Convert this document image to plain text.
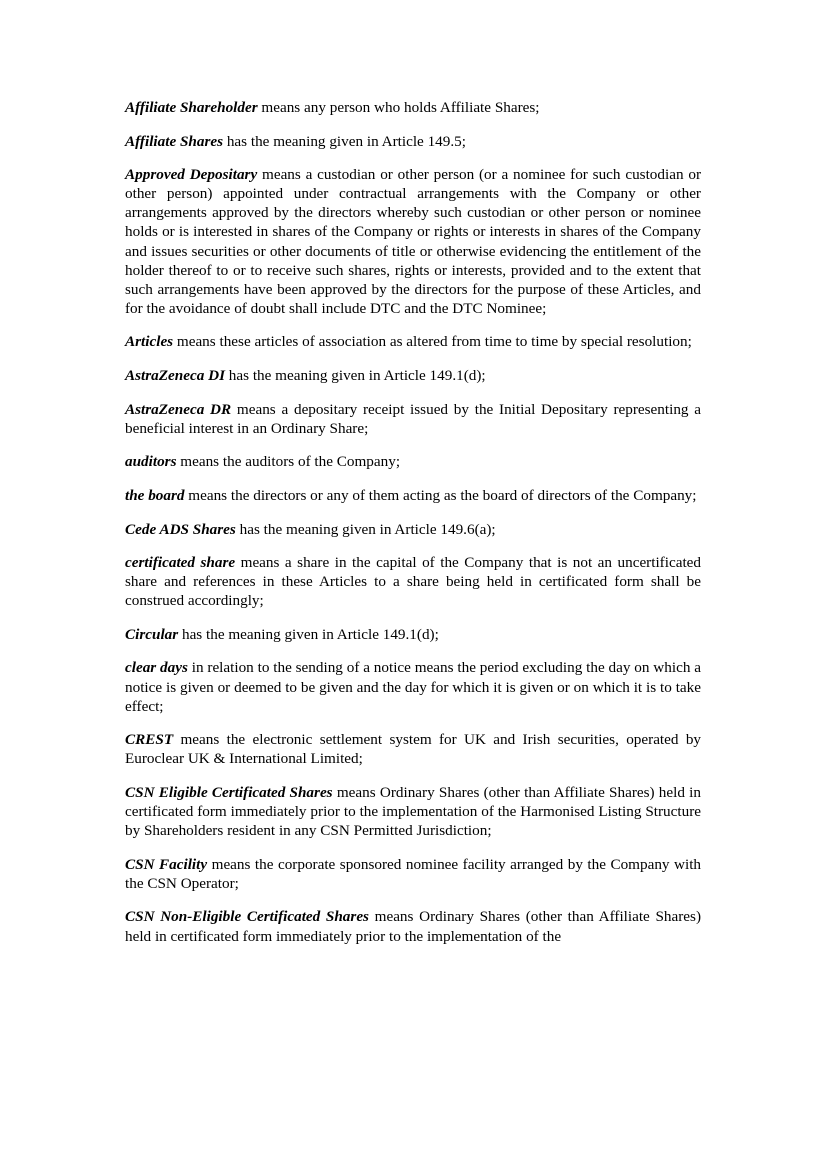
Affiliate Shareholder means any person who holds Affiliate Shares;

Affiliate Shares has the meaning given in Article 149.5;

Approved Depositary means a custodian or other person (or a nominee for such custodian or other person) appointed under contractual arrangements with the Company or other arrangements approved by the directors whereby such custodian or other person or nominee holds or is interested in shares of the Company or rights or interests in shares of the Company and issues securities or other documents of title or otherwise evidencing the entitlement of the holder thereof to or to receive such shares, rights or interests, provided and to the extent that such arrangements have been approved by the directors for the purpose of these Articles, and for the avoidance of doubt shall include DTC and the DTC Nominee;

Articles means these articles of association as altered from time to time by special resolution;

AstraZeneca DI has the meaning given in Article 149.1(d);

AstraZeneca DR means a depositary receipt issued by the Initial Depositary representing a beneficial interest in an Ordinary Share;

auditors means the auditors of the Company;

the board means the directors or any of them acting as the board of directors of the Company;

Cede ADS Shares has the meaning given in Article 149.6(a);

certificated share means a share in the capital of the Company that is not an uncertificated share and references in these Articles to a share being held in certificated form shall be construed accordingly;

Circular has the meaning given in Article 149.1(d);

clear days in relation to the sending of a notice means the period excluding the day on which a notice is given or deemed to be given and the day for which it is given or on which it is to take effect;

CREST means the electronic settlement system for UK and Irish securities, operated by Euroclear UK & International Limited;

CSN Eligible Certificated Shares means Ordinary Shares (other than Affiliate Shares) held in certificated form immediately prior to the implementation of the Harmonised Listing Structure by Shareholders resident in any CSN Permitted Jurisdiction;

CSN Facility means the corporate sponsored nominee facility arranged by the Company with the CSN Operator;

CSN Non-Eligible Certificated Shares means Ordinary Shares (other than Affiliate Shares) held in certificated form immediately prior to the implementation of the
